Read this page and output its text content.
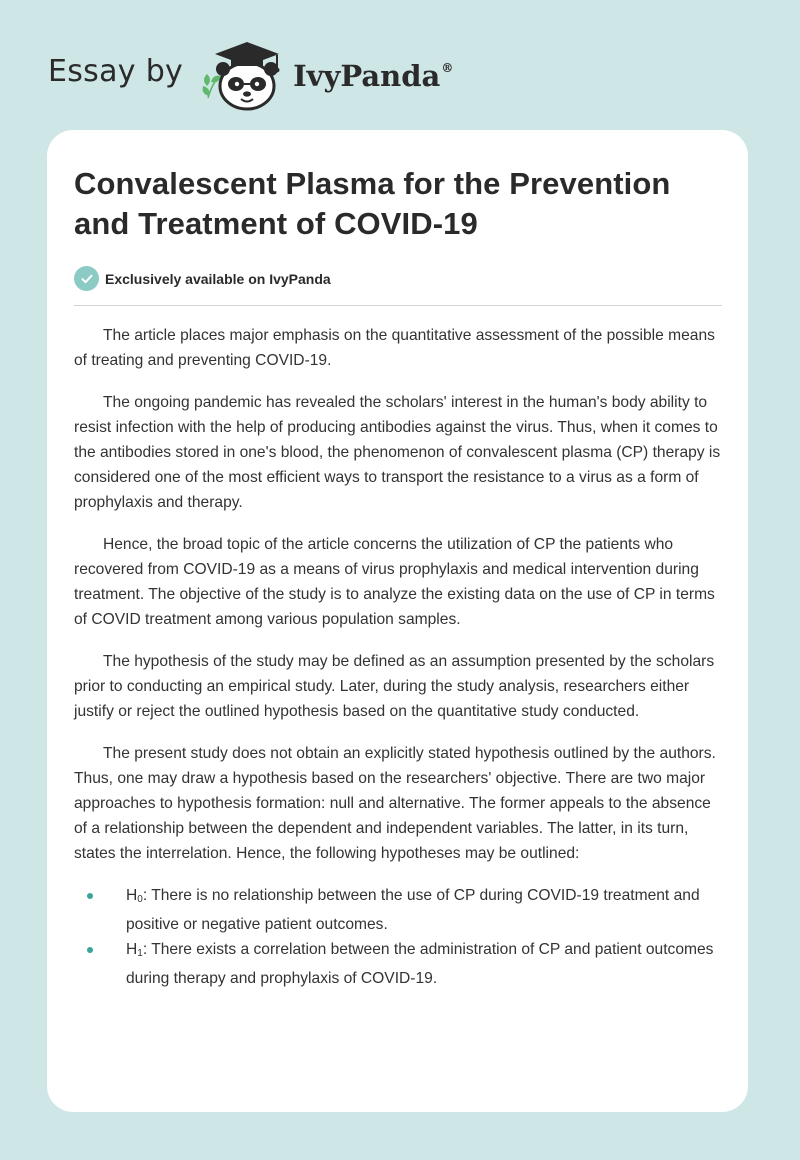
Essay by	IvyPanda®
Convalescent Plasma for the Prevention and Treatment of COVID-19
Exclusively available on IvyPanda

The article places major emphasis on the quantitative assessment of the possible means of treating and preventing COVID-19.

The ongoing pandemic has revealed the scholars' interest in the human's body ability to resist infection with the help of producing antibodies against the virus. Thus, when it comes to the antibodies stored in one's blood, the phenomenon of convalescent plasma (CP) therapy is considered one of the most efficient ways to transport the resistance to a virus as a form of prophylaxis and therapy.

Hence, the broad topic of the article concerns the utilization of CP the patients who recovered from COVID-19 as a means of virus prophylaxis and medical intervention during treatment. The objective of the study is to analyze the existing data on the use of CP in terms of COVID treatment among various population samples.

The hypothesis of the study may be defined as an assumption presented by the scholars prior to conducting an empirical study. Later, during the study analysis, researchers either justify or reject the outlined hypothesis based on the quantitative study conducted.

The present study does not obtain an explicitly stated hypothesis outlined by the authors. Thus, one may draw a hypothesis based on the researchers' objective. There are two major approaches to hypothesis formation: null and alternative. The former appeals to the absence of a relationship between the dependent and independent variables. The latter, in its turn, states the interrelation. Hence, the following hypotheses may be outlined:

$H_0$: There is no relationship between the use of CP during COVID-19 treatment and positive or negative patient outcomes.
$H_1$: There exists a correlation between the administration of CP and patient outcomes during therapy and prophylaxis of COVID-19.
